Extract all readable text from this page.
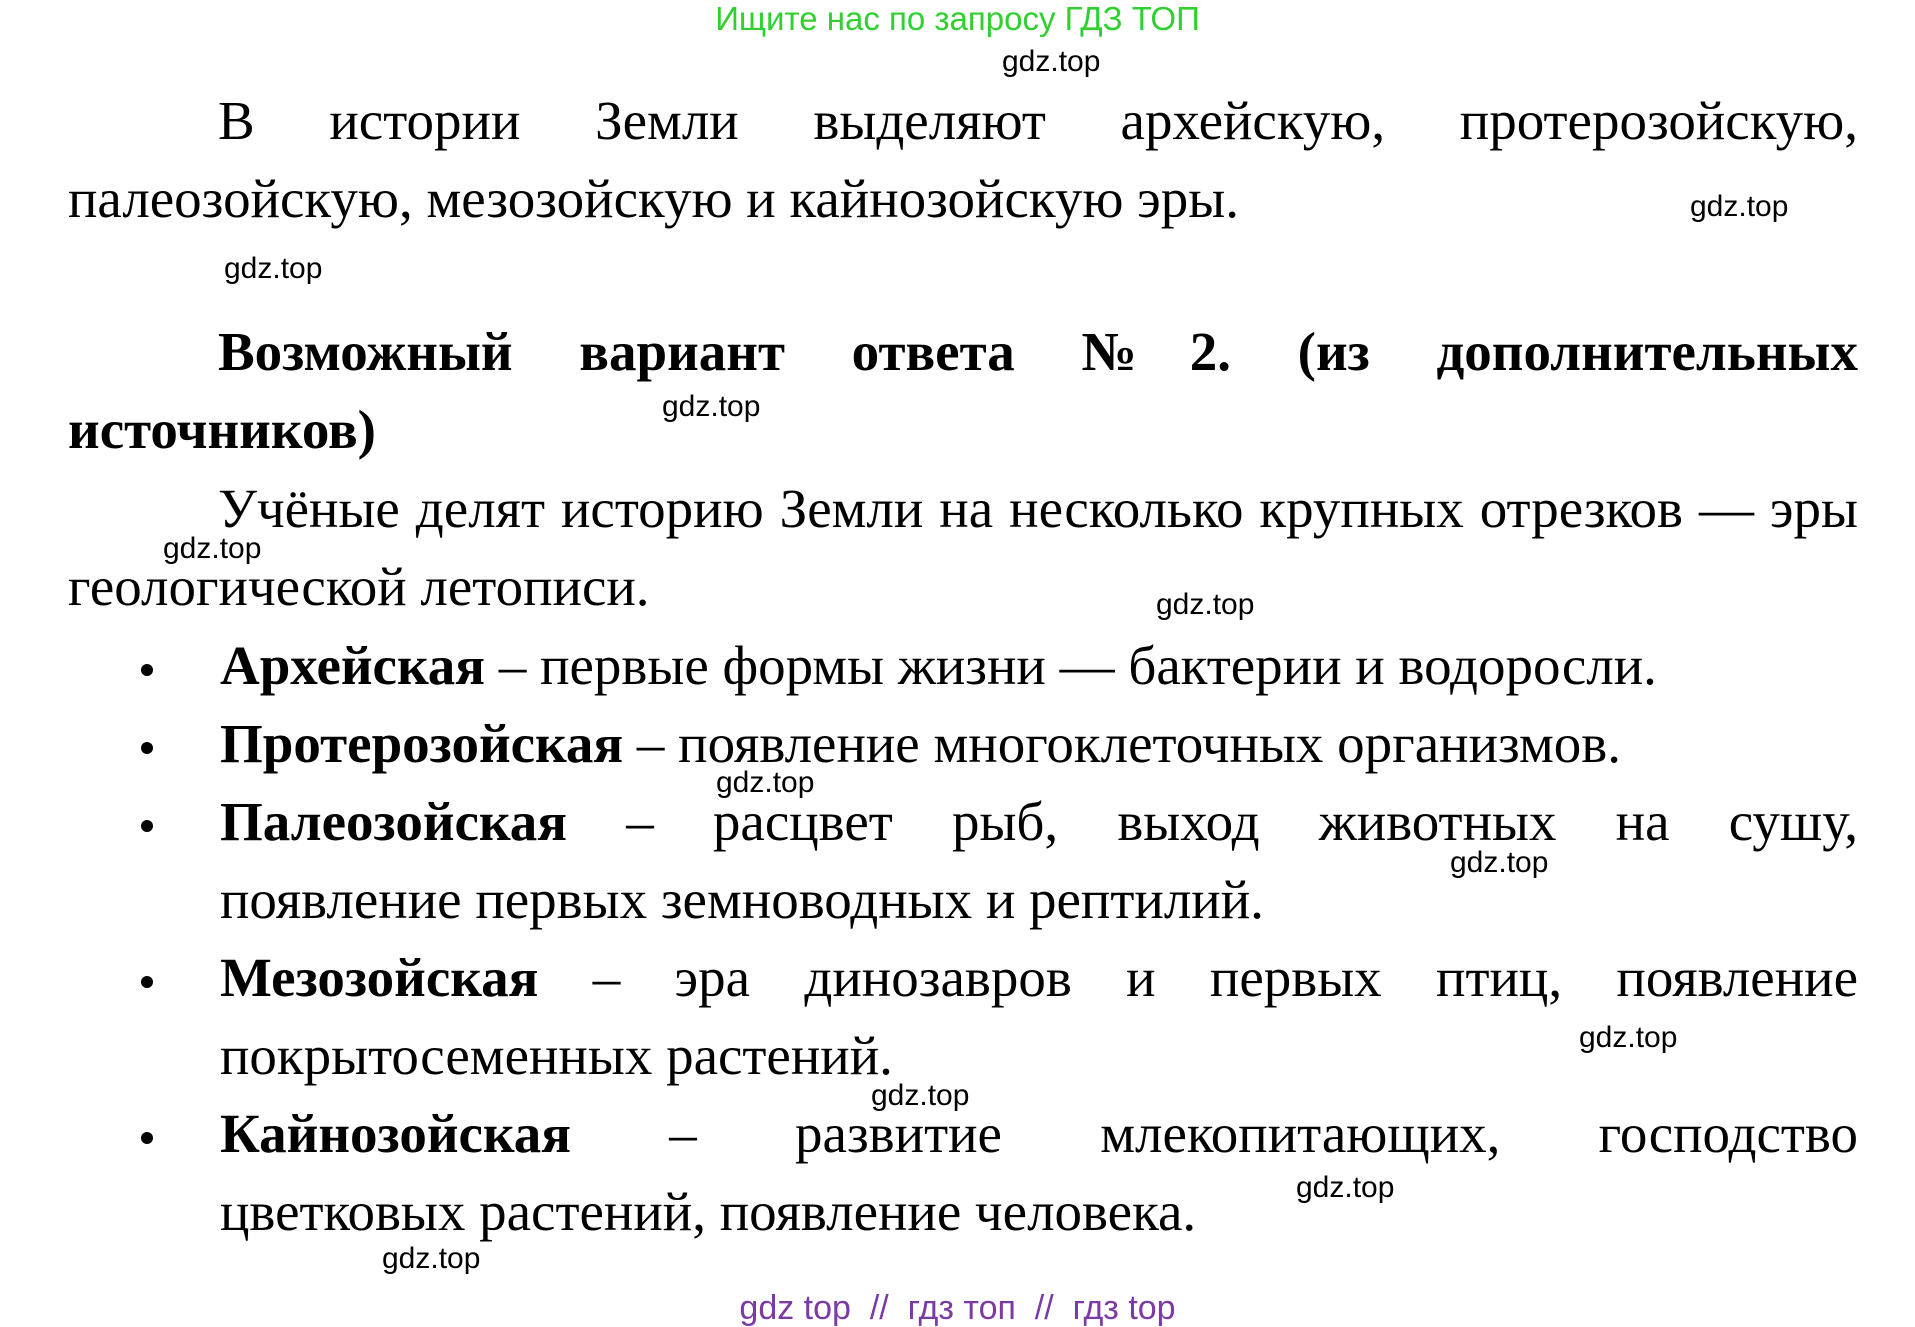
Ищите нас по запросу ГДЗ ТОП
gdz.top
gdz.top
gdz.top
gdz.top
gdz.top
gdz.top
gdz.top
gdz.top
gdz.top
gdz.top
gdz.top
gdz.top

В истории Земли выделяют архейскую, протерозойскую, палеозойскую, мезозойскую и кайнозойскую эры.

Возможный вариант ответа №2. (из дополнительных
источников)

Учёные делят историю Земли на несколько крупных отрезков — эры геологической летописи.

Архейская – первые формы жизни — бактерии и водоросли.
Протерозойская – появление многоклеточных организмов.
Палеозойская – расцвет рыб, выход животных на сушу,
появление первых земноводных и рептилий.
Мезозойская – эра динозавров и первых птиц, появление
покрытосеменных растений.
Кайнозойская – развитие млекопитающих, господство
цветковых растений, появление человека.
gdz top  //  гдз топ  //  гдз top
